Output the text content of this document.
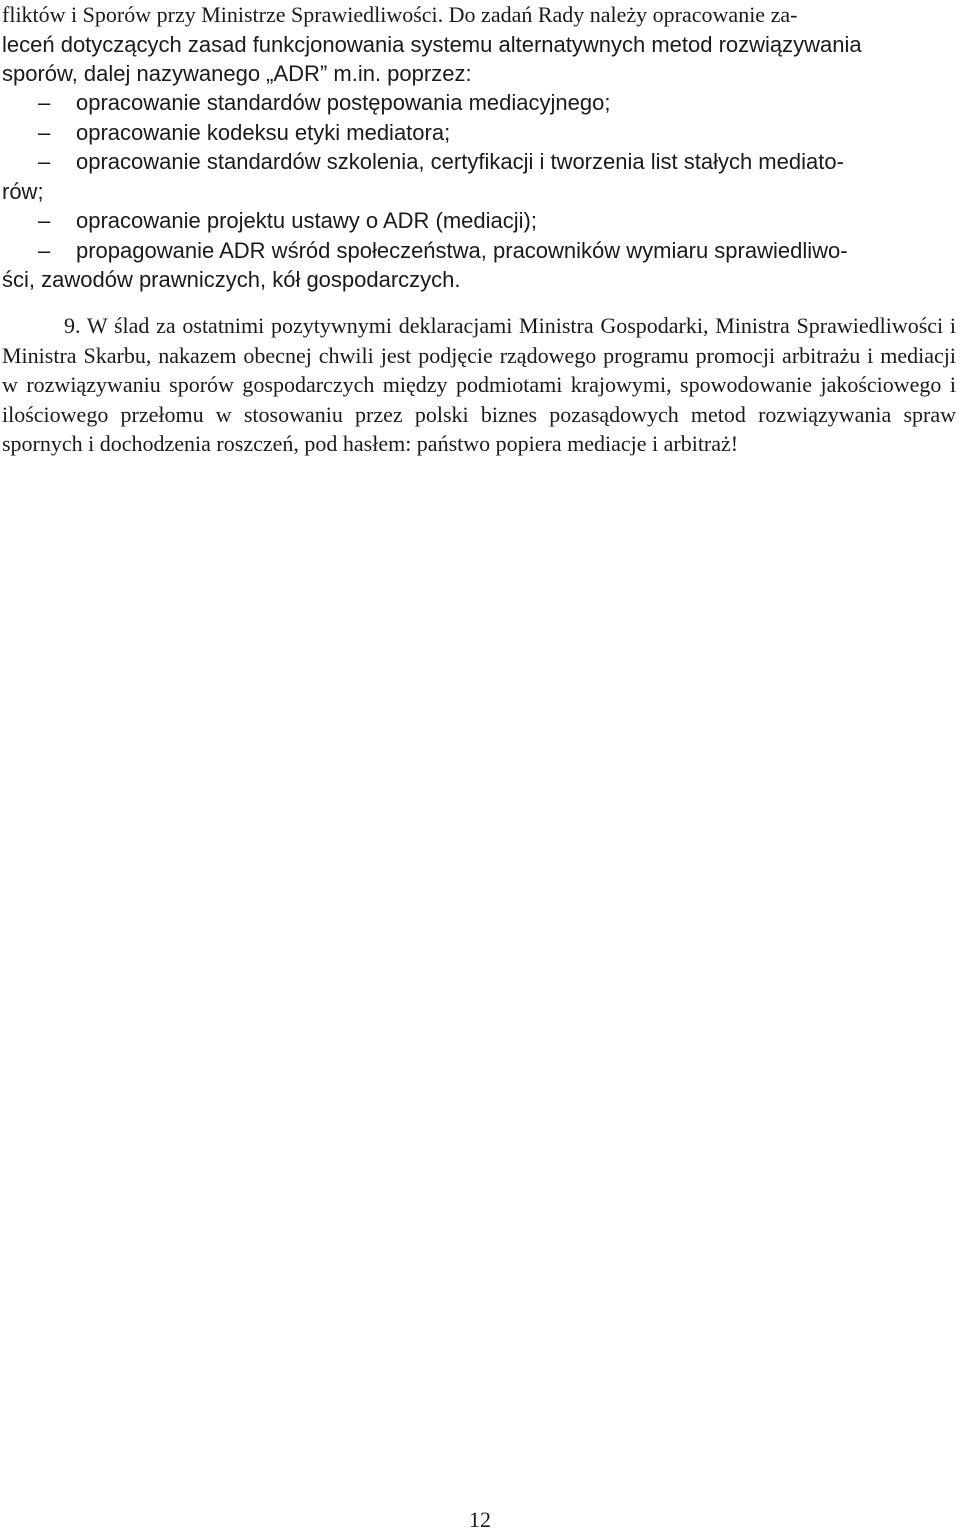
fliktów i Sporów przy Ministrze Sprawiedliwości. Do zadań Rady należy opracowanie za-
leceń dotyczących zasad funkcjonowania systemu alternatywnych metod rozwiązywania
sporów, dalej nazywanego „ADR” m.in. poprzez:
– opracowanie standardów postępowania mediacyjnego;
– opracowanie kodeksu etyki mediatora;
– opracowanie standardów szkolenia, certyfikacji i tworzenia list stałych mediato-
rów;
– opracowanie projektu ustawy o ADR (mediacji);
– propagowanie ADR wśród społeczeństwa, pracowników wymiaru sprawiedliwo-
ści, zawodów prawniczych, kół gospodarczych.
9. W ślad za ostatnimi pozytywnymi deklaracjami Ministra Gospodarki, Ministra Sprawiedliwości i Ministra Skarbu, nakazem obecnej chwili jest podjęcie rządowego programu promocji arbitrażu i mediacji w rozwiązywaniu sporów gospodarczych między podmiotami krajowymi, spowodowanie jakościowego i ilościowego przełomu w stosowaniu przez polski biznes pozasądowych metod rozwiązywania spraw spornych i dochodzenia roszczeń, pod hasłem: państwo popiera mediacje i arbitraż!
12
